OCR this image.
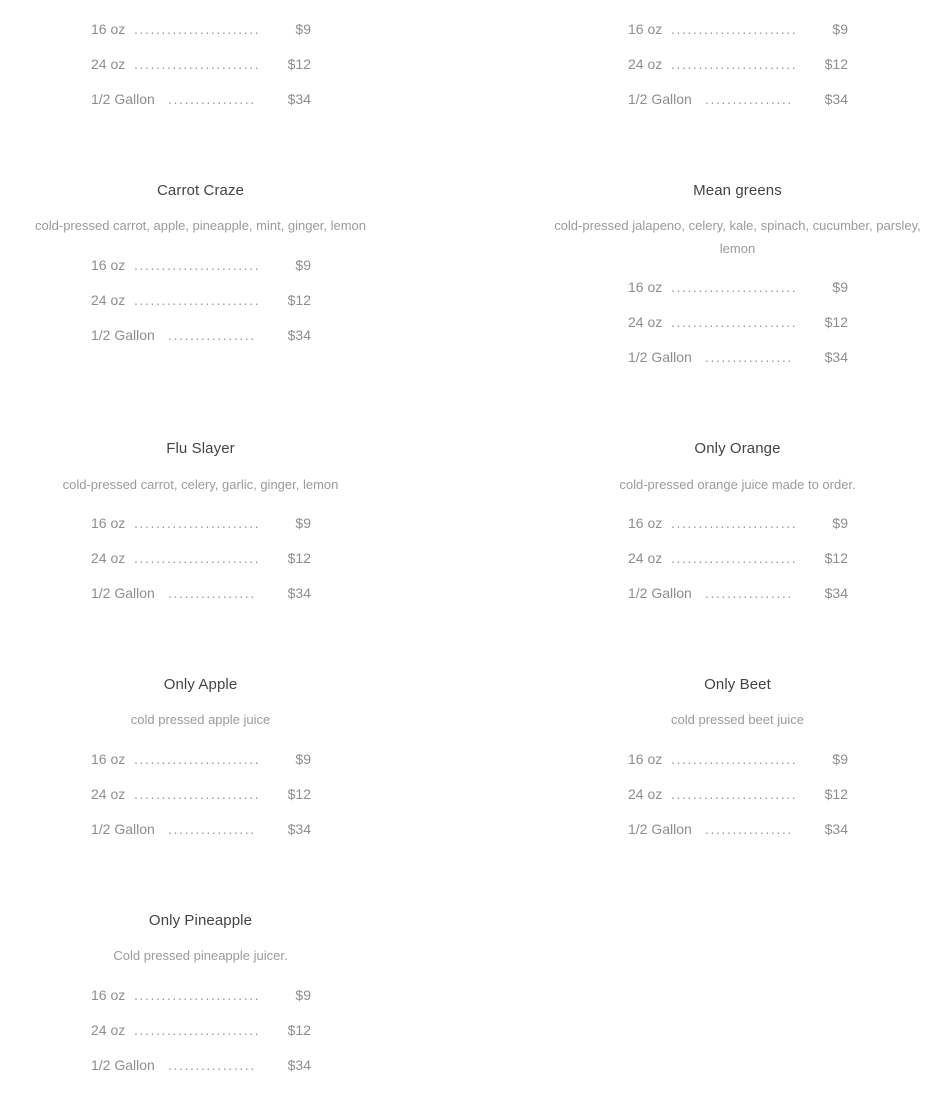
.......................
16 oz	$9
.......................
24 oz	$12
................
1/2 Gallon	$34
Carrot Craze
cold-pressed carrot, apple, pineapple, mint, ginger, lemon
.......................
16 oz	$9
.......................
24 oz	$12
................
1/2 Gallon	$34
Flu Slayer
cold-pressed carrot, celery, garlic, ginger, lemon
.......................
16 oz	$9
.......................
24 oz	$12
................
1/2 Gallon	$34
Only Apple
cold pressed apple juice
.......................
16 oz	$9
.......................
24 oz	$12
................
1/2 Gallon	$34
Only Pineapple
Cold pressed pineapple juicer.
.......................
16 oz	$9
.......................
24 oz	$12
................
1/2 Gallon	$34
.......................
16 oz	$9
.......................
24 oz	$12
................
1/2 Gallon	$34
Mean greens
cold-pressed jalapeno, celery, kale, spinach, cucumber, parsley, lemon
.......................
16 oz	$9
.......................
24 oz	$12
................
1/2 Gallon	$34
Only Orange
cold-pressed orange juice made to order.
.......................
16 oz	$9
.......................
24 oz	$12
................
1/2 Gallon	$34
Only Beet
cold pressed beet juice
.......................
16 oz	$9
.......................
24 oz	$12
................
1/2 Gallon	$34
